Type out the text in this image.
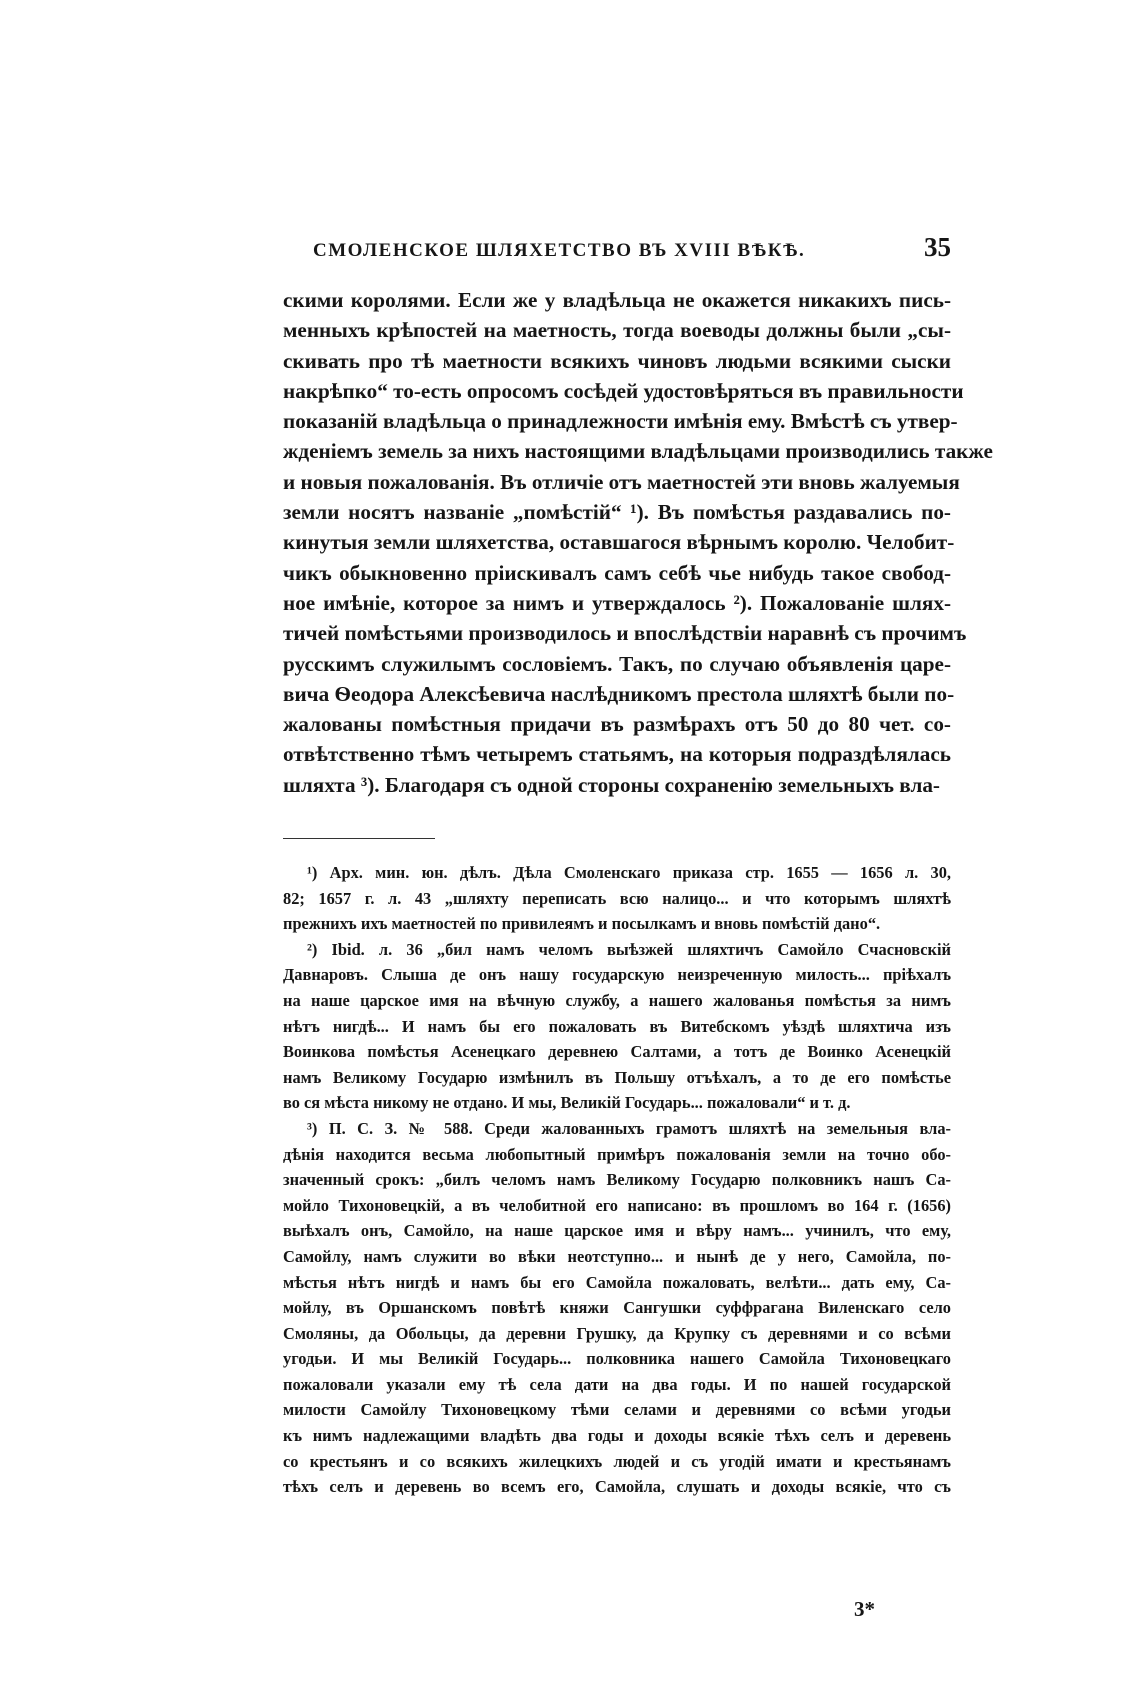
СМОЛЕНСКОЕ ШЛЯХЕТСТВО ВЪ XVIII ВѢКѢ.	35
скими королями. Если же у владѣльца не окажется никакихъ пись-
менныхъ крѣпостей на маетность, тогда воеводы должны были „сы-
скивать про тѣ маетности всякихъ чиновъ людьми всякими сыски
накрѣпко“ то-есть опросомъ сосѣдей удостовѣряться въ правильности
показаній владѣльца о принадлежности имѣнія ему. Вмѣстѣ съ утвер-
жденіемъ земель за нихъ настоящими владѣльцами производились также
и новыя пожалованія. Въ отличіе отъ маетностей эти вновь жалуемыя
земли носятъ названіе „помѣстій“ ¹). Въ помѣстья раздавались по-
кинутыя земли шляхетства, оставшагося вѣрнымъ королю. Челобит-
чикъ обыкновенно пріискивалъ самъ себѣ чье нибудь такое свобод-
ное имѣніе, которое за нимъ и утверждалось ²). Пожалованіе шлях-
тичей помѣстьями производилось и впослѣдствіи наравнѣ съ прочимъ
русскимъ служилымъ сословіемъ. Такъ, по случаю объявленія царе-
вича Ѳеодора Алексѣевича наслѣдникомъ престола шляхтѣ были по-
жалованы помѣстныя придачи въ размѣрахъ отъ 50 до 80 чет. со-
отвѣтственно тѣмъ четыремъ статьямъ, на которыя подраздѣлялась
шляхта ³). Благодаря съ одной стороны сохраненію земельныхъ вла-
¹) Арх. мин. юн. дѣлъ. Дѣла Смоленскаго приказа стр. 1655 — 1656 л. 30,
82; 1657 г. л. 43 „шляхту переписать всю налицо... и что которымъ шляхтѣ
прежнихъ ихъ маетностей по привилеямъ и посылкамъ и вновь помѣстій дано“.
²) Ibid. л. 36 „бил намъ челомъ выѣзжей шляхтичъ Самойло Счасновскій
Давнаровъ. Слыша де онъ нашу государскую неизреченную милость... пріѣхалъ
на наше царское имя на вѣчную службу, а нашего жалованья помѣстья за нимъ
нѣтъ нигдѣ... И намъ бы его пожаловать въ Витебскомъ уѣздѣ шляхтича изъ
Воинкова помѣстья Асенецкаго деревнею Салтами, а тотъ де Воинко Асенецкій
намъ Великому Государю измѣнилъ въ Польшу отъѣхалъ, а то де его помѣстье
во ся мѣста никому не отдано. И мы, Великій Государь... пожаловали“ и т. д.
³) П. С. З. № 588. Среди жалованныхъ грамотъ шляхтѣ на земельныя вла-
дѣнія находится весьма любопытный примѣръ пожалованія земли на точно обо-
значенный срокъ: „билъ челомъ намъ Великому Государю полковникъ нашъ Са-
мойло Тихоновецкій, а въ челобитной его написано: въ прошломъ во 164 г. (1656)
выѣхалъ онъ, Самойло, на наше царское имя и вѣру намъ... учинилъ, что ему,
Самойлу, намъ служити во вѣки неотступно... и нынѣ де у него, Самойла, по-
мѣстья нѣтъ нигдѣ и намъ бы его Самойла пожаловать, велѣти... дать ему, Са-
мойлу, въ Оршанскомъ повѣтѣ княжи Сангушки суффрагана Виленскаго село
Смоляны, да Обольцы, да деревни Грушку, да Крупку съ деревнями и со всѣми
угодьи. И мы Великій Государь... полковника нашего Самойла Тихоновецкаго
пожаловали указали ему тѣ села дати на два годы. И по нашей государской
милости Самойлу Тихоновецкому тѣми селами и деревнями со всѣми угодьи
къ нимъ надлежащими владѣть два годы и доходы всякіе тѣхъ селъ и деревень
со крестьянъ и со всякихъ жилецкихъ людей и съ угодій имати и крестьянамъ
тѣхъ селъ и деревень во всемъ его, Самойла, слушать и доходы всякіе, что съ
3*
